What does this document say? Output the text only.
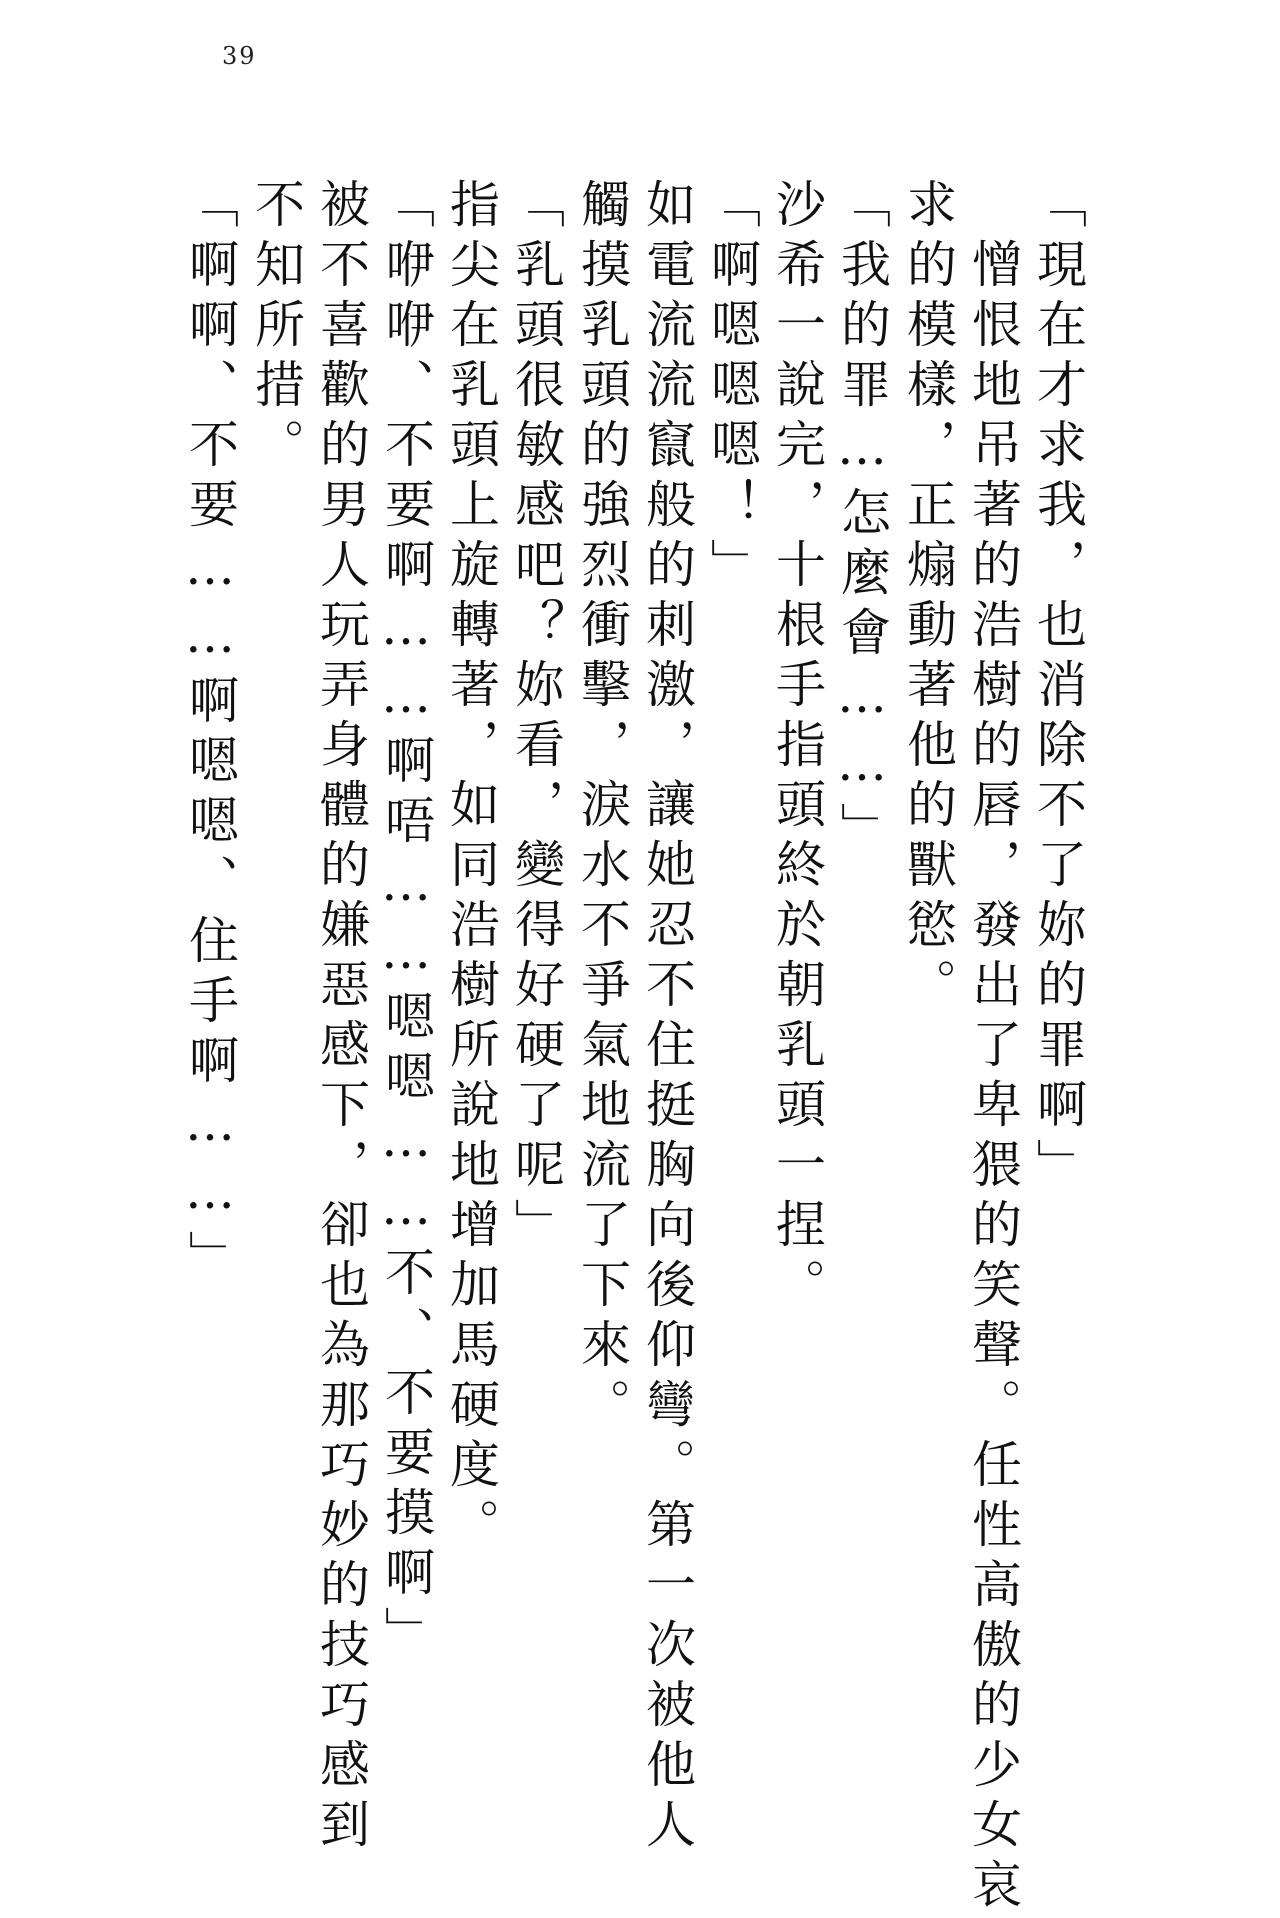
39
「現在才求我，也消除不了妳的罪啊」
憎恨地吊著的浩樹的唇，發出了卑猥的笑聲。任性高傲的少女哀
求的模樣，正煽動著他的獸慾。
「我的罪…怎麼會……」
沙希一說完，十根手指頭終於朝乳頭一捏。
「啊嗯嗯嗯！」
如電流流竄般的刺激，讓她忍不住挺胸向後仰彎。第一次被他人
觸摸乳頭的強烈衝擊，淚水不爭氣地流了下來。
「乳頭很敏感吧？妳看，變得好硬了呢」
指尖在乳頭上旋轉著，如同浩樹所說地增加馬硬度。
「咿咿、不要啊……啊唔……嗯嗯……不、不要摸啊」
被不喜歡的男人玩弄身體的嫌惡感下，卻也為那巧妙的技巧感到
不知所措。
「啊啊、不要……啊嗯嗯、住手啊……」
